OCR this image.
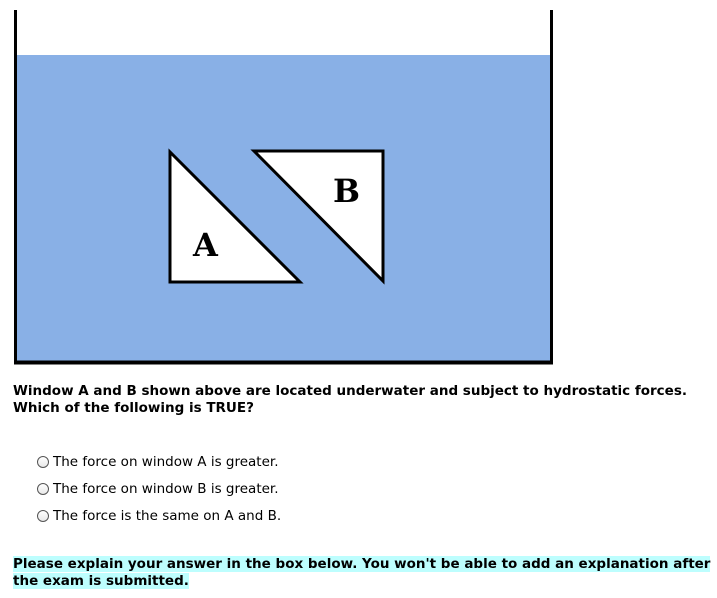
A
B

Window A and B shown above are located underwater and subject to hydrostatic forces. Which of the following is TRUE?

The force on window A is greater.
The force on window B is greater.
The force is the same on A and B.

Please explain your answer in the box below. You won't be able to add an explanation after the exam is submitted.
